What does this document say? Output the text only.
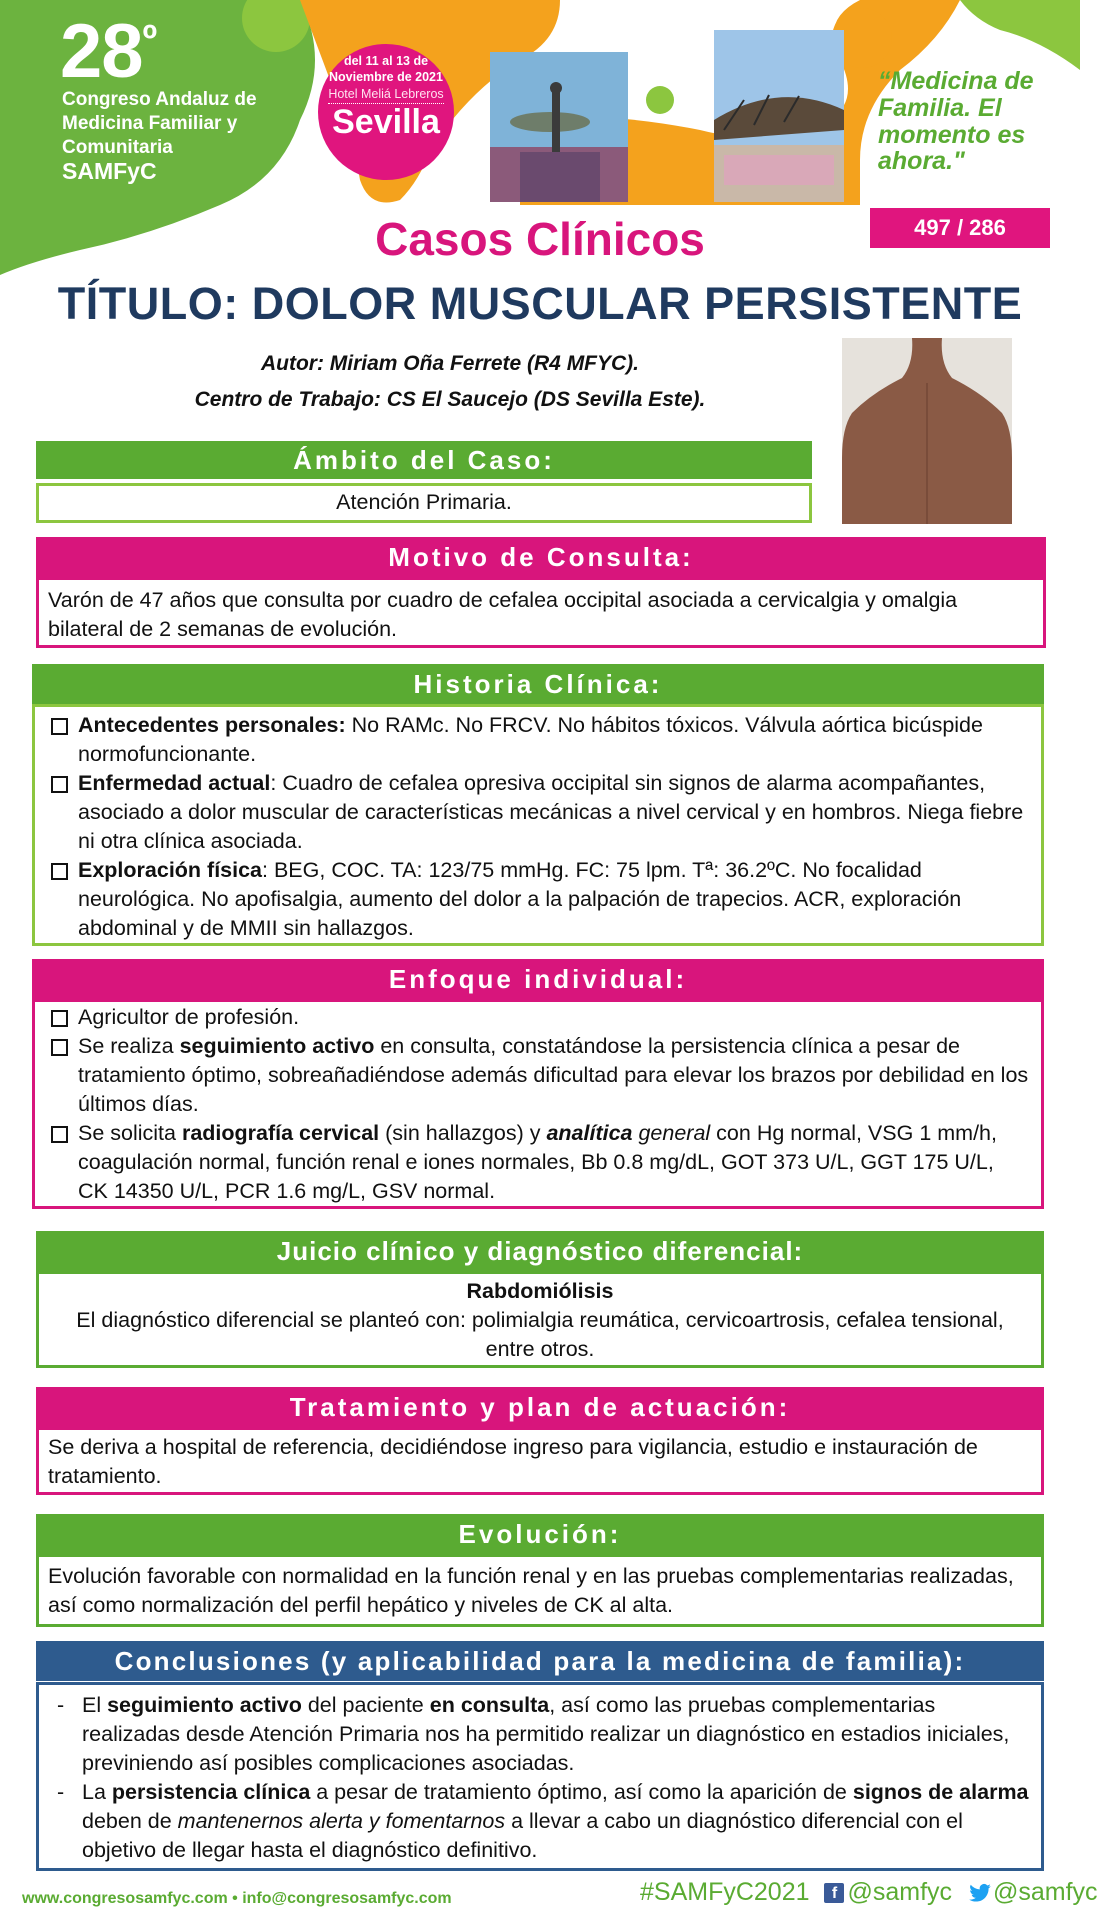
$28^º$
Congreso Andaluz de Medicina Familiar y Comunitaria
SAMFyC
del 11 al 13 de
Noviembre de 2021
Hotel Meliá Lebreros
Sevilla
“Medicina de Familia. El momento es ahora."
497 / 286
Casos Clínicos
TÍTULO: DOLOR MUSCULAR PERSISTENTE
Autor: Miriam Oña Ferrete (R4 MFYC).
Centro de Trabajo: CS El Saucejo (DS Sevilla Este).
Ámbito del Caso:
Atención Primaria.
Motivo de Consulta:
Varón de 47 años que consulta por cuadro de cefalea occipital asociada a cervicalgia y omalgia bilateral de 2 semanas de evolución.
Historia Clínica:
Antecedentes personales: No RAMc. No FRCV. No hábitos tóxicos. Válvula aórtica bicúspide normofuncionante.
Enfermedad actual: Cuadro de cefalea opresiva occipital sin signos de alarma acompañantes, asociado a dolor muscular de características mecánicas a nivel cervical y en hombros. Niega fiebre ni otra clínica asociada.
Exploración física: BEG, COC. TA: 123/75 mmHg. FC: 75 lpm. Tª: 36.2ºC. No focalidad neurológica. No apofisalgia, aumento del dolor a la palpación de trapecios. ACR, exploración abdominal y de MMII sin hallazgos.
Enfoque individual:
Agricultor de profesión.
Se realiza seguimiento activo en consulta, constatándose la persistencia clínica a pesar de tratamiento óptimo, sobreañadiéndose además dificultad para elevar los brazos por debilidad en los últimos días.
Se solicita radiografía cervical (sin hallazgos) y analítica general con Hg normal, VSG 1 mm/h, coagulación normal, función renal e iones normales, Bb 0.8 mg/dL, GOT 373 U/L, GGT 175 U/L, CK 14350 U/L, PCR 1.6 mg/L, GSV normal.
Juicio clínico y diagnóstico diferencial:
Rabdomiólisis
El diagnóstico diferencial se planteó con: polimialgia reumática, cervicoartrosis, cefalea tensional, entre otros.
Tratamiento y plan de actuación:
Se deriva a hospital de referencia, decidiéndose ingreso para vigilancia, estudio e instauración de tratamiento.
Evolución:
Evolución favorable con normalidad en la función renal y en las pruebas complementarias realizadas, así como normalización del perfil hepático y niveles de CK al alta.
Conclusiones (y aplicabilidad para la medicina de familia):
- El seguimiento activo del paciente en consulta, así como las pruebas complementarias realizadas desde Atención Primaria nos ha permitido realizar un diagnóstico en estadios iniciales, previniendo así posibles complicaciones asociadas.
- La persistencia clínica a pesar de tratamiento óptimo, así como la aparición de signos de alarma deben de mantenernos alerta y fomentarnos a llevar a cabo un diagnóstico diferencial con el objetivo de llegar hasta el diagnóstico definitivo.
www.congresosamfyc.com • info@congresosamfyc.com	#SAMFyC2021 f @samfyc @samfyc
